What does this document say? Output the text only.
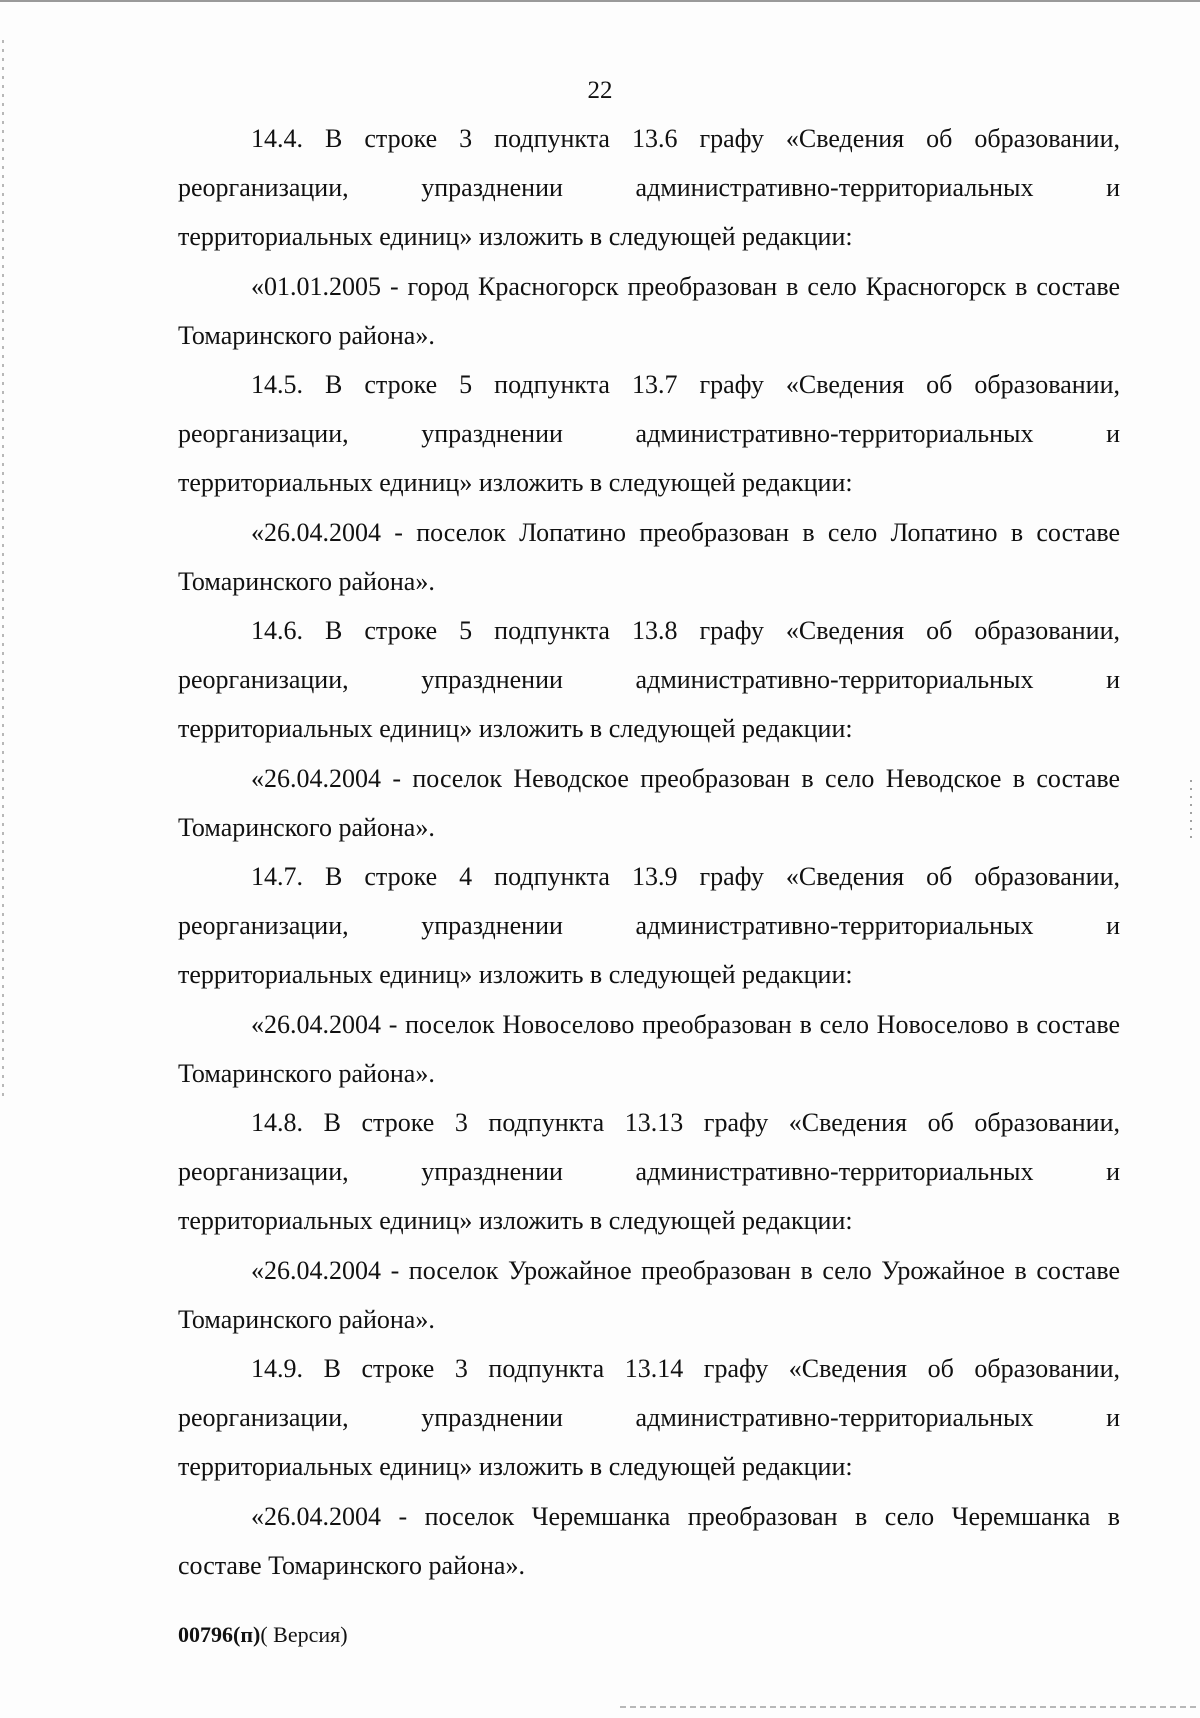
22

14.4. В строке 3 подпункта 13.6 графу «Сведения об образовании, реорганизации, упразднении административно-территориальных и территориальных единиц» изложить в следующей редакции:

«01.01.2005 - город Красногорск преобразован в село Красногорск в составе Томаринского района».

14.5. В строке 5 подпункта 13.7 графу «Сведения об образовании, реорганизации, упразднении административно-территориальных и территориальных единиц» изложить в следующей редакции:

«26.04.2004 - поселок Лопатино преобразован в село Лопатино в составе Томаринского района».

14.6. В строке 5 подпункта 13.8 графу «Сведения об образовании, реорганизации, упразднении административно-территориальных и территориальных единиц» изложить в следующей редакции:

«26.04.2004 - поселок Неводское преобразован в село Неводское в составе Томаринского района».

14.7. В строке 4 подпункта 13.9 графу «Сведения об образовании, реорганизации, упразднении административно-территориальных и территориальных единиц» изложить в следующей редакции:

«26.04.2004 - поселок Новоселово преобразован в село Новоселово в составе Томаринского района».

14.8. В строке 3 подпункта 13.13 графу «Сведения об образовании, реорганизации, упразднении административно-территориальных и территориальных единиц» изложить в следующей редакции:

«26.04.2004 - поселок Урожайное преобразован в село Урожайное в составе Томаринского района».

14.9. В строке 3 подпункта 13.14 графу «Сведения об образовании, реорганизации, упразднении административно-территориальных и территориальных единиц» изложить в следующей редакции:

«26.04.2004 - поселок Черемшанка преобразован в село Черемшанка в составе Томаринского района».

00796(п)( Версия)
